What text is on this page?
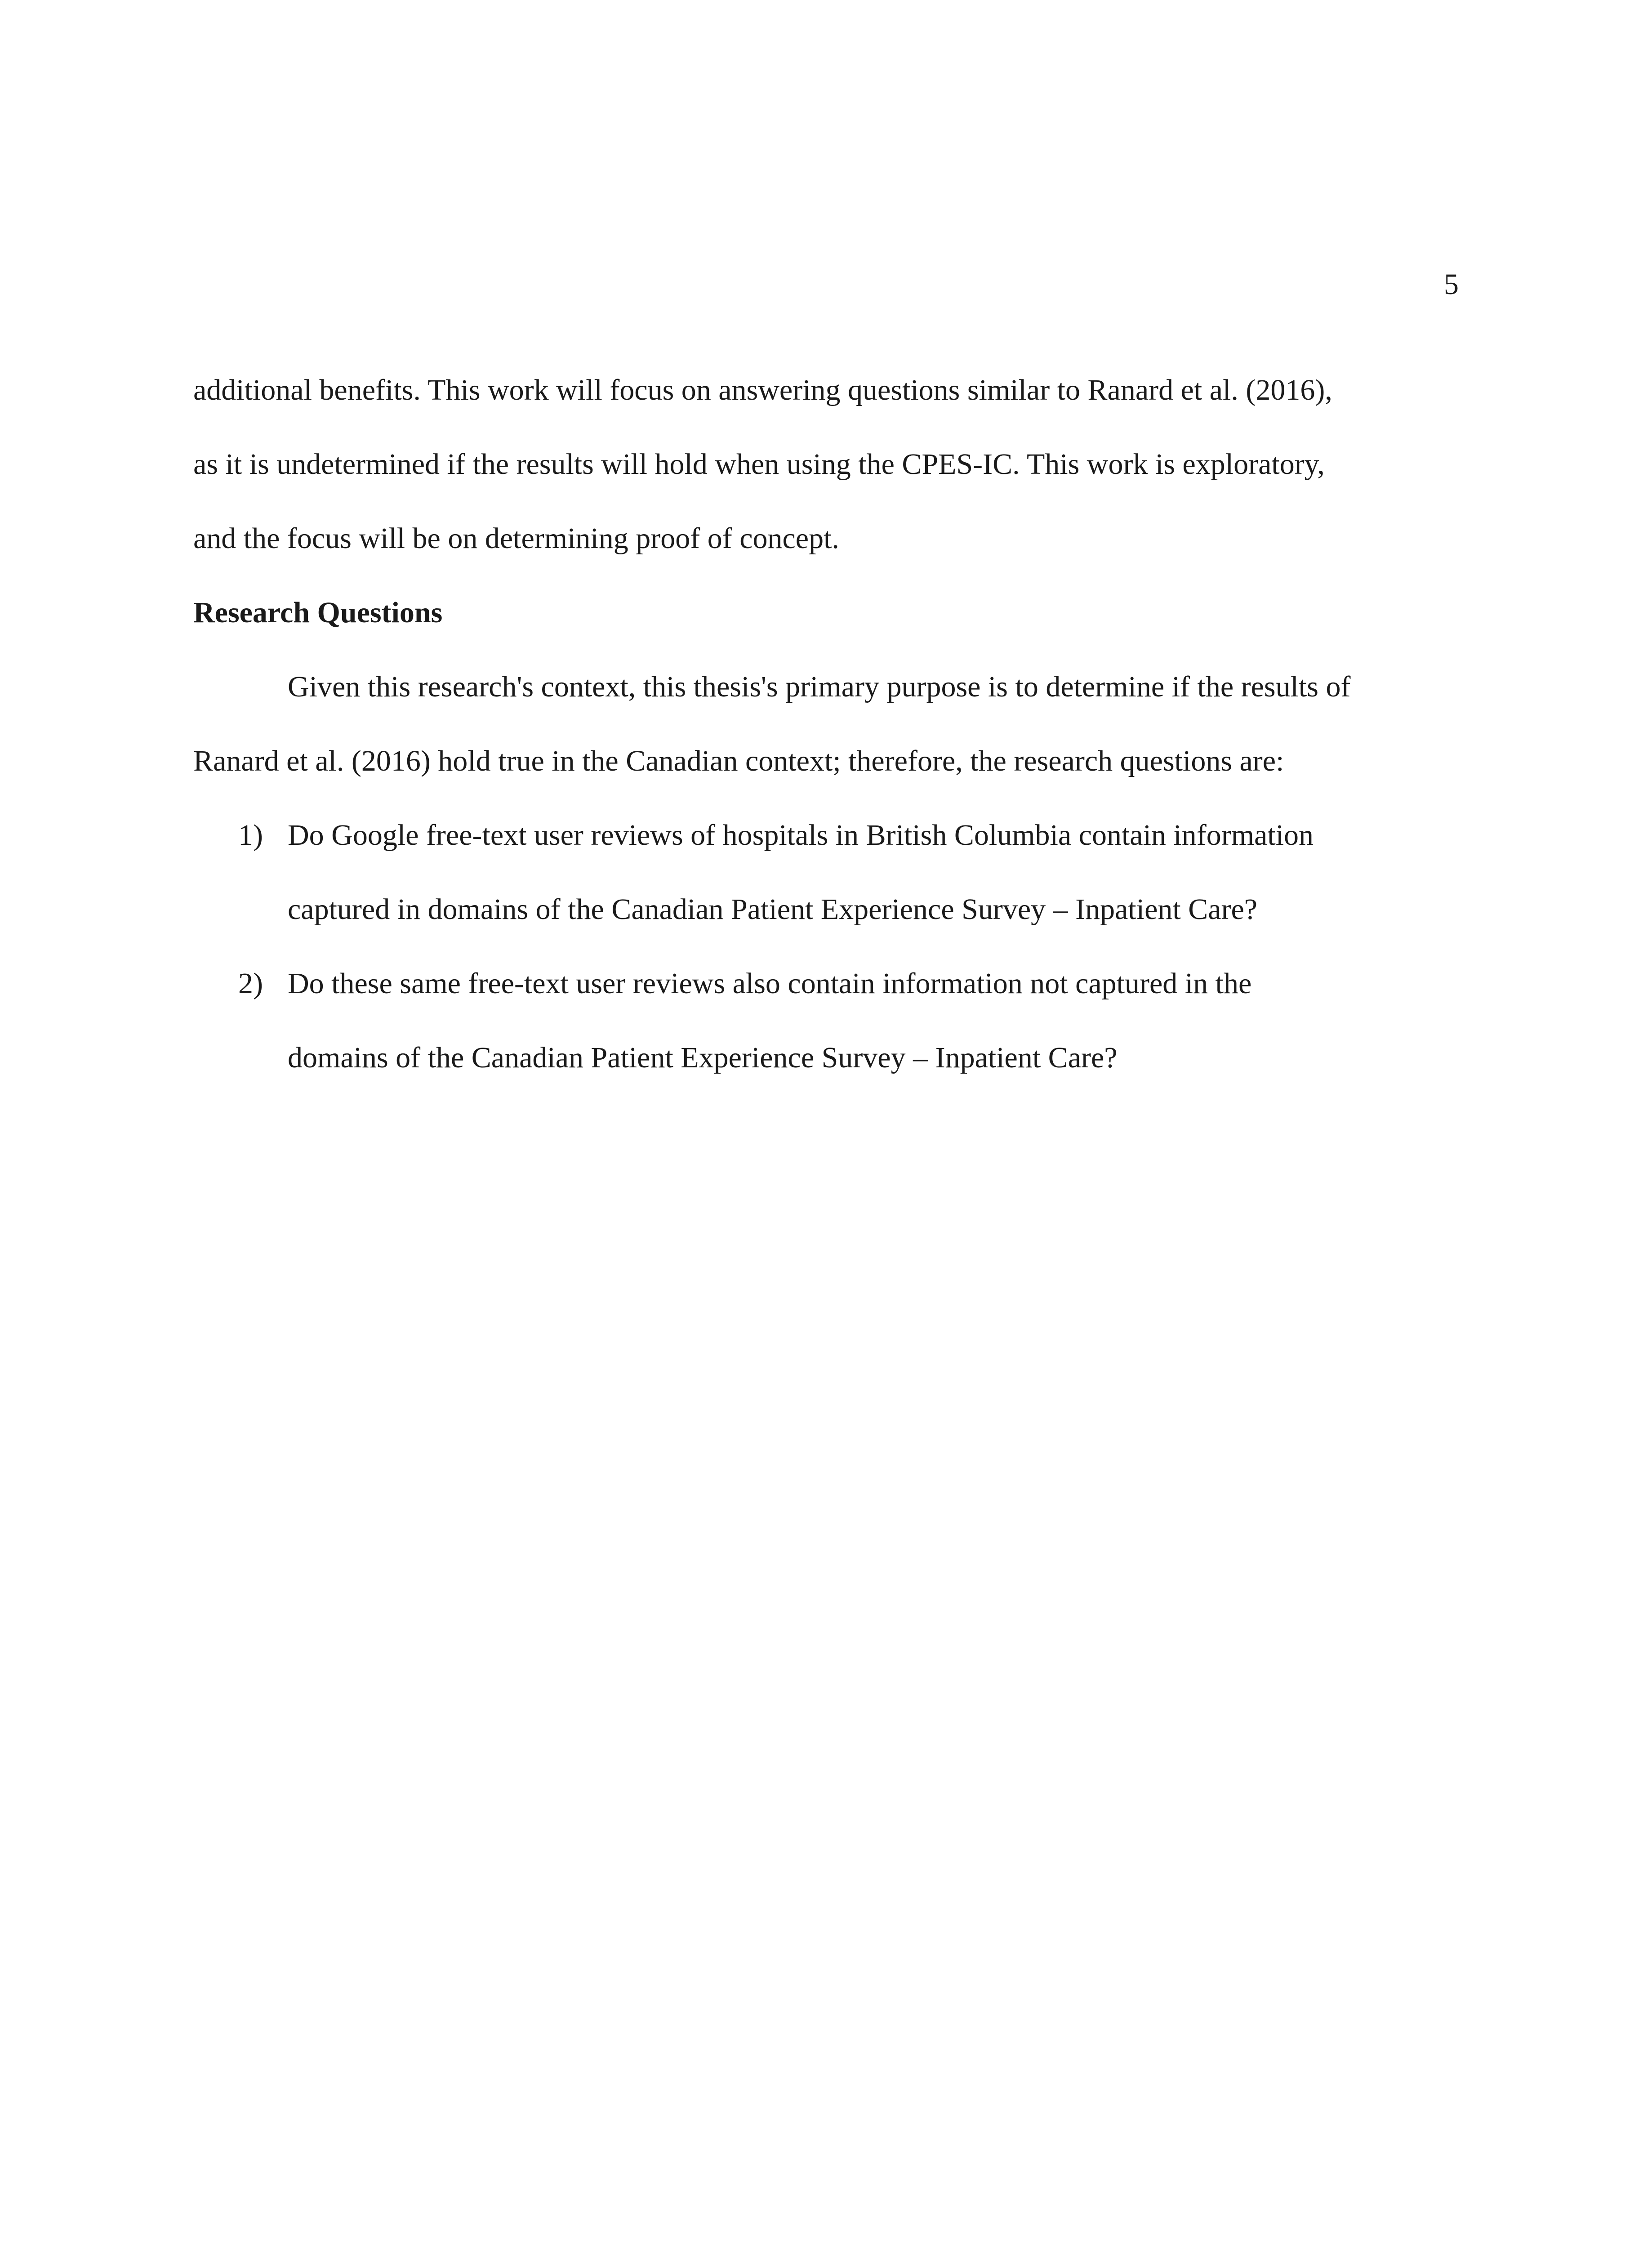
5
additional benefits. This work will focus on answering questions similar to Ranard et al. (2016),
as it is undetermined if the results will hold when using the CPES-IC. This work is exploratory,
and the focus will be on determining proof of concept.
Research Questions
Given this research's context, this thesis's primary purpose is to determine if the results of
Ranard et al. (2016) hold true in the Canadian context; therefore, the research questions are:
1) Do Google free-text user reviews of hospitals in British Columbia contain information
captured in domains of the Canadian Patient Experience Survey – Inpatient Care?
2) Do these same free-text user reviews also contain information not captured in the
domains of the Canadian Patient Experience Survey – Inpatient Care?
